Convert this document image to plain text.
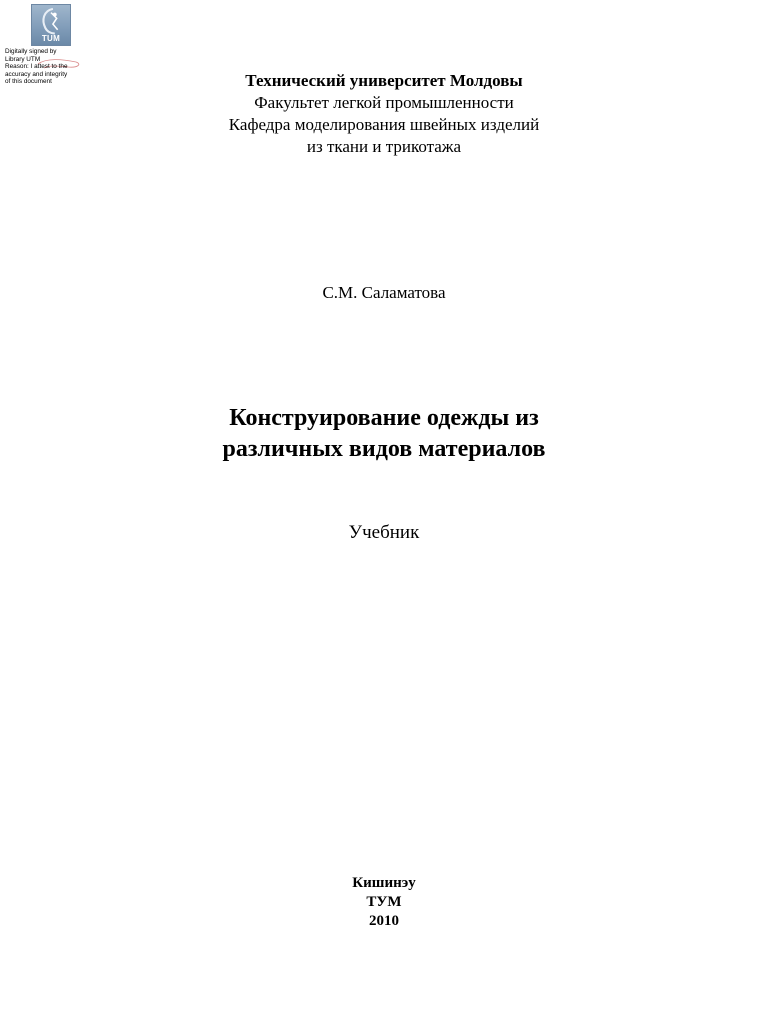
TUM
Digitally signed by
Library UTM
Reason: I attest to the
accuracy and integrity
of this document	Технический университет Молдовы
Факультет легкой промышленности
Кафедра моделирования швейных изделий
из ткани и трикотажа
С.М. Саламатова
Конструирование одежды из
различных видов материалов
Учебник
Кишинэу
ТУМ
2010
